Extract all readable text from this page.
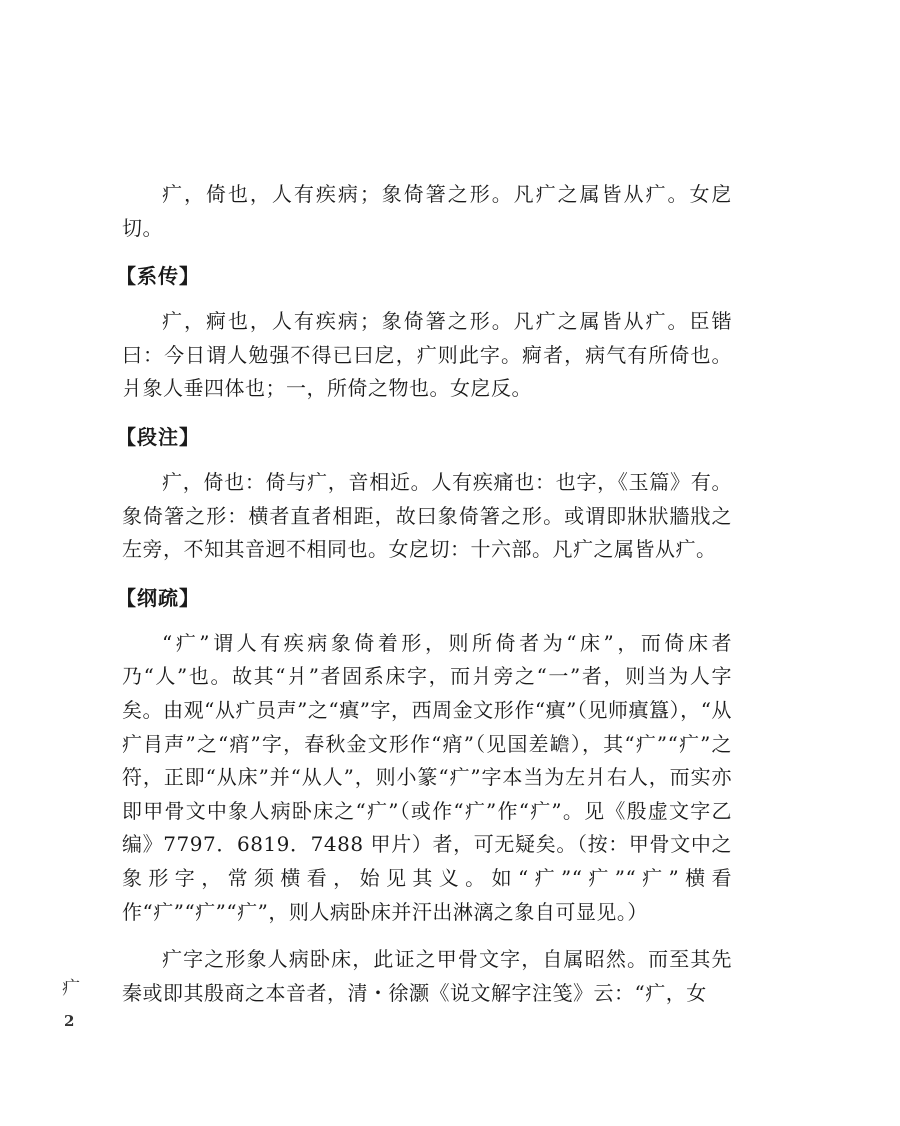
疒，倚也，人有疾病；象倚箸之形。凡疒之属皆从疒。女戹切。

【系传】

疒，痾也，人有疾病；象倚箸之形。凡疒之属皆从疒。臣锴曰：今日谓人勉强不得已曰戹，疒则此字。痾者，病气有所倚也。爿象人垂四体也；一，所倚之物也。女戹反。

【段注】

疒，倚也：倚与疒，音相近。人有疾痛也：也字，《玉篇》有。象倚箸之形：横者直者相距，故曰象倚箸之形。或谓即牀狀牆戕之左旁，不知其音迥不相同也。女戹切：十六部。凡疒之属皆从疒。

【纲疏】

“疒”谓人有疾病象倚着形，则所倚者为“床”，而倚床者乃“人”也。故其“爿”者固系床字，而爿旁之“一”者，则当为人字矣。由观“从疒员声”之“瘨”字，西周金文形作“瘨”（见师瘨簋），“从疒肙声”之“痟”字，春秋金文形作“痟”（见国差𦉜），其“疒”“疒”之符，正即“从床”并“从人”，则小篆“疒”字本当为左爿右人，而实亦即甲骨文中象人病卧床之“疒”（或作“疒”作“疒”。见《殷虚文字乙编》7797．6819．7488 甲片）者，可无疑矣。（按：甲骨文中之象形字，常须横看，始见其义。如“疒”“疒”“疒”横看作“疒”“疒”“疒”，则人病卧床并汗出淋漓之象自可显见。）

疒字之形象人病卧床，此证之甲骨文字，自属昭然。而至其先秦或即其殷商之本音者，清・徐灏《说文解字注笺》云：“疒，女

疒
2
